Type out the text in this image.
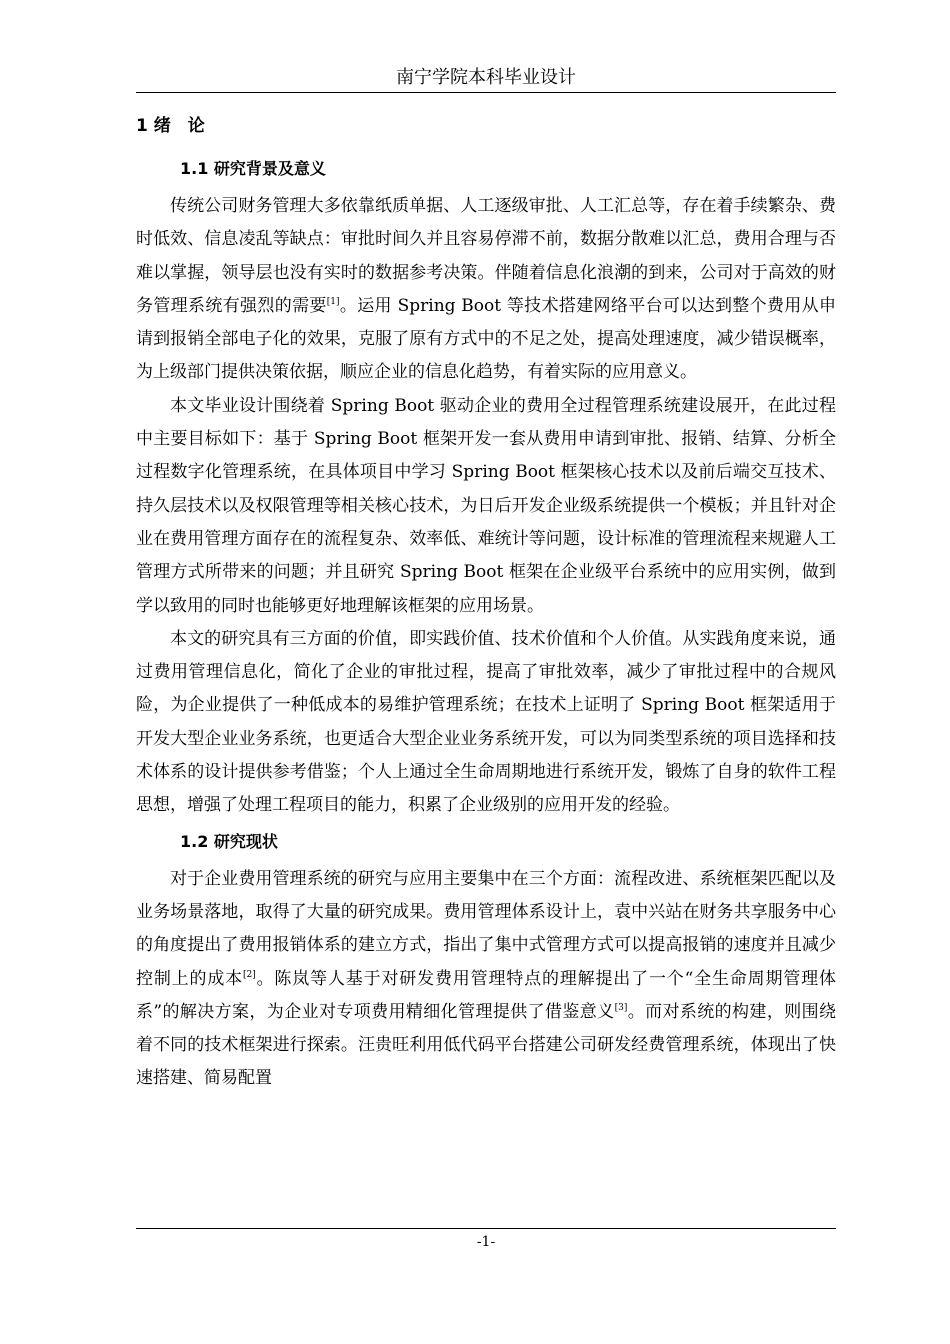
南宁学院本科毕业设计
1 绪　论
1.1 研究背景及意义

传统公司财务管理大多依靠纸质单据、人工逐级审批、人工汇总等，存在着手续繁杂、费时低效、信息凌乱等缺点：审批时间久并且容易停滞不前，数据分散难以汇总，费用合理与否难以掌握，领导层也没有实时的数据参考决策。伴随着信息化浪潮的到来，公司对于高效的财务管理系统有强烈的需要[1]。运用 Spring Boot 等技术搭建网络平台可以达到整个费用从申请到报销全部电子化的效果，克服了原有方式中的不足之处，提高处理速度，减少错误概率，为上级部门提供决策依据，顺应企业的信息化趋势，有着实际的应用意义。

本文毕业设计围绕着 Spring Boot 驱动企业的费用全过程管理系统建设展开，在此过程中主要目标如下：基于 Spring Boot 框架开发一套从费用申请到审批、报销、结算、分析全过程数字化管理系统，在具体项目中学习 Spring Boot 框架核心技术以及前后端交互技术、持久层技术以及权限管理等相关核心技术，为日后开发企业级系统提供一个模板；并且针对企业在费用管理方面存在的流程复杂、效率低、难统计等问题，设计标准的管理流程来规避人工管理方式所带来的问题；并且研究 Spring Boot 框架在企业级平台系统中的应用实例，做到学以致用的同时也能够更好地理解该框架的应用场景。

本文的研究具有三方面的价值，即实践价值、技术价值和个人价值。从实践角度来说，通过费用管理信息化，简化了企业的审批过程，提高了审批效率，减少了审批过程中的合规风险，为企业提供了一种低成本的易维护管理系统；在技术上证明了 Spring Boot 框架适用于开发大型企业业务系统，也更适合大型企业业务系统开发，可以为同类型系统的项目选择和技术体系的设计提供参考借鉴；个人上通过全生命周期地进行系统开发，锻炼了自身的软件工程思想，增强了处理工程项目的能力，积累了企业级别的应用开发的经验。

1.2 研究现状

对于企业费用管理系统的研究与应用主要集中在三个方面：流程改进、系统框架匹配以及业务场景落地，取得了大量的研究成果。费用管理体系设计上，袁中兴站在财务共享服务中心的角度提出了费用报销体系的建立方式，指出了集中式管理方式可以提高报销的速度并且减少控制上的成本[2]。陈岚等人基于对研发费用管理特点的理解提出了一个“全生命周期管理体系”的解决方案，为企业对专项费用精细化管理提供了借鉴意义[3]。而对系统的构建，则围绕着不同的技术框架进行探索。汪贵旺利用低代码平台搭建公司研发经费管理系统，体现出了快速搭建、简易配置

-1-
